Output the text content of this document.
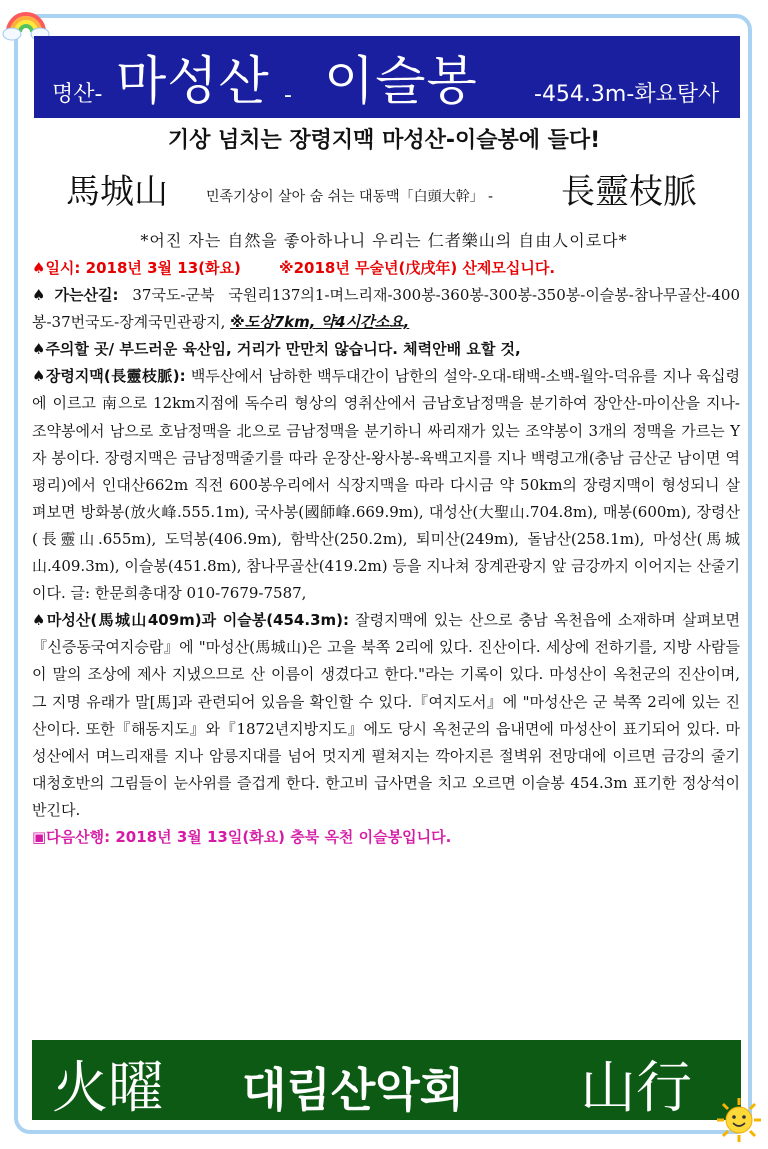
명산- 마성산 - 이슬봉	-454.3m-화요탐사
기상 넘치는 장령지맥 마성산-이슬봉에 들다!
馬城山	민족기상이 살아 숨 쉬는 대동맥「白頭大幹」 - 長靈枝脈
*어진 자는 自然을 좋아하나니 우리는 仁者樂山의 自由人이로다*

♠일시: 2018년 3월 13(화요)	※2018년 무술년(戊戌年) 산제모십니다.

♠가는산길: 37국도-군북 국원리137의1-며느리재-300봉-360봉-300봉-350봉-이슬봉-참나무골산-400봉-37번국도-장계국민관광지, ※도상7km, 약4시간소요,

♠주의할 곳/ 부드러운 육산임, 거리가 만만치 않습니다. 체력안배 요할 것,

♠장령지맥(長靈枝脈): 백두산에서 남하한 백두대간이 남한의 설악-오대-태백-소백-월악-덕유를 지나 육십령에 이르고 南으로 12km지점에 독수리 형상의 영취산에서 금남호남정맥을 분기하여 장안산-마이산을 지나-조약봉에서 남으로 호남정맥을 北으로 금남정맥을 분기하니 싸리재가 있는 조약봉이 3개의 정맥을 가르는 Y자 봉이다. 장령지맥은 금남정맥줄기를 따라 운장산-왕사봉-육백고지를 지나 백령고개(충남 금산군 남이면 역평리)에서 인대산662m 직전 600봉우리에서 식장지맥을 따라 다시금 약 50km의 장령지맥이 형성되니 살펴보면 방화봉(放火峰.555.1m), 국사봉(國師峰.669.9m), 대성산(大聖山.704.8m), 매봉(600m), 장령산(長靈山.655m), 도덕봉(406.9m), 함박산(250.2m), 퇴미산(249m), 돌남산(258.1m), 마성산(馬城山.409.3m), 이슬봉(451.8m), 참나무골산(419.2m) 등을 지나쳐 장계관광지 앞 금강까지 이어지는 산줄기이다. 글: 한문희총대장 010-7679-7587,

♠마성산(馬城山409m)과 이슬봉(454.3m): 잘령지맥에 있는 산으로 충남 옥천읍에 소재하며 살펴보면『신증동국여지승람』에 "마성산(馬城山)은 고을 북쪽 2리에 있다. 진산이다. 세상에 전하기를, 지방 사람들이 말의 조상에 제사 지냈으므로 산 이름이 생겼다고 한다."라는 기록이 있다. 마성산이 옥천군의 진산이며, 그 지명 유래가 말[馬]과 관련되어 있음을 확인할 수 있다.『여지도서』에 "마성산은 군 북쪽 2리에 있는 진산이다. 또한『해동지도』와『1872년지방지도』에도 당시 옥천군의 읍내면에 마성산이 표기되어 있다. 마성산에서 며느리재를 지나 암릉지대를 넘어 멋지게 펼쳐지는 깍아지른 절벽위 전망대에 이르면 금강의 줄기 대청호반의 그림들이 눈사위를 즐겁게 한다. 한고비 급사면을 치고 오르면 이슬봉 454.3m 표기한 정상석이 반긴다.

▣다음산행: 2018년 3월 13일(화요) 충북 옥천 이슬봉입니다.

火曜 대림산악회 山行
